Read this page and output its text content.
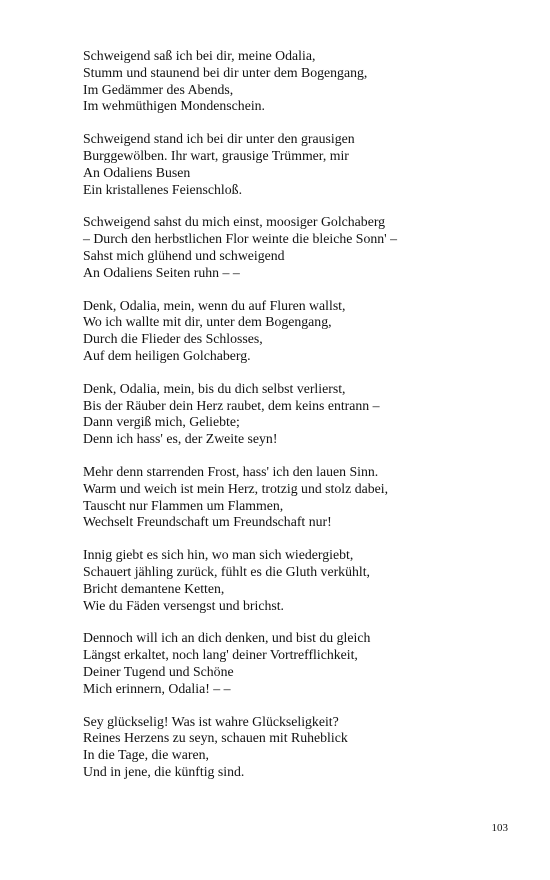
Schweigend saß ich bei dir, meine Odalia,
Stumm und staunend bei dir unter dem Bogengang,
Im Gedämmer des Abends,
Im wehmüthigen Mondenschein.
Schweigend stand ich bei dir unter den grausigen
Burggewölben. Ihr wart, grausige Trümmer, mir
An Odaliens Busen
Ein kristallenes Feienschloß.
Schweigend sahst du mich einst, moosiger Golchaberg
– Durch den herbstlichen Flor weinte die bleiche Sonn' –
Sahst mich glühend und schweigend
An Odaliens Seiten ruhn – –
Denk, Odalia, mein, wenn du auf Fluren wallst,
Wo ich wallte mit dir, unter dem Bogengang,
Durch die Flieder des Schlosses,
Auf dem heiligen Golchaberg.
Denk, Odalia, mein, bis du dich selbst verlierst,
Bis der Räuber dein Herz raubet, dem keins entrann –
Dann vergiß mich, Geliebte;
Denn ich hass' es, der Zweite seyn!
Mehr denn starrenden Frost, hass' ich den lauen Sinn.
Warm und weich ist mein Herz, trotzig und stolz dabei,
Tauscht nur Flammen um Flammen,
Wechselt Freundschaft um Freundschaft nur!
Innig giebt es sich hin, wo man sich wiedergiebt,
Schauert jähling zurück, fühlt es die Gluth verkühlt,
Bricht demantene Ketten,
Wie du Fäden versengst und brichst.
Dennoch will ich an dich denken, und bist du gleich
Längst erkaltet, noch lang' deiner Vortrefflichkeit,
Deiner Tugend und Schöne
Mich erinnern, Odalia! – –
Sey glückselig! Was ist wahre Glückseligkeit?
Reines Herzens zu seyn, schauen mit Ruheblick
In die Tage, die waren,
Und in jene, die künftig sind.
103
